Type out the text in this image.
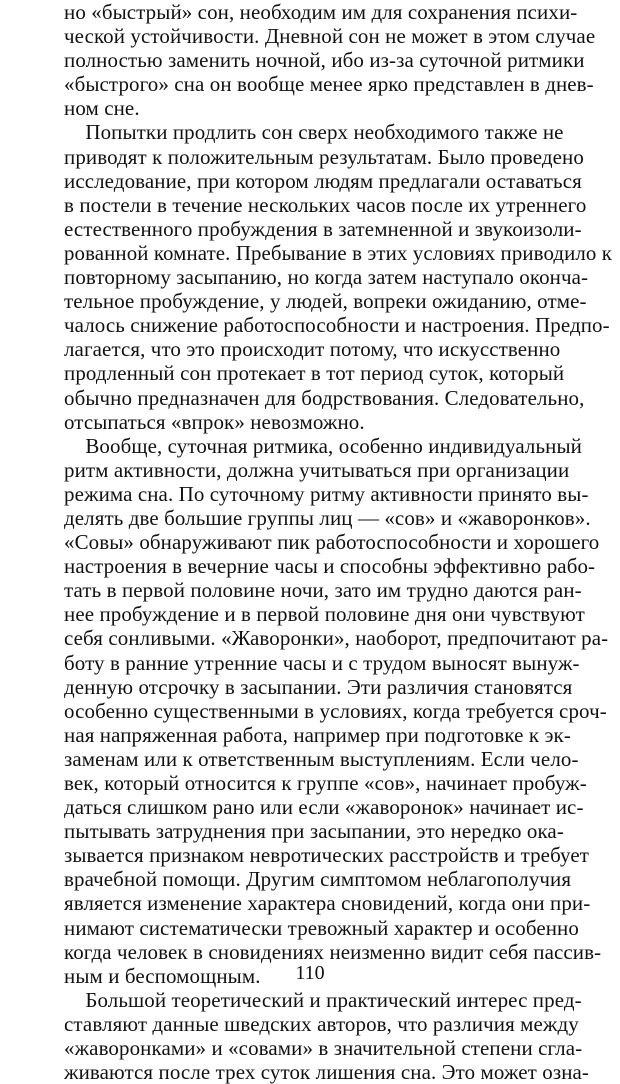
но «быстрый» сон, необходим им для сохранения психи-
ческой устойчивости. Дневной сон не может в этом случае
полностью заменить ночной, ибо из-за суточной ритмики
«быстрого» сна он вообще менее ярко представлен в днев-
ном сне.
Попытки продлить сон сверх необходимого также не
приводят к положительным результатам. Было проведено
исследование, при котором людям предлагали оставаться
в постели в течение нескольких часов после их утреннего
естественного пробуждения в затемненной и звукоизоли-
рованной комнате. Пребывание в этих условиях приводило к
повторному засыпанию, но когда затем наступало оконча-
тельное пробуждение, у людей, вопреки ожиданию, отме-
чалось снижение работоспособности и настроения. Предпо-
лагается, что это происходит потому, что искусственно
продленный сон протекает в тот период суток, который
обычно предназначен для бодрствования. Следовательно,
отсыпаться «впрок» невозможно.
Вообще, суточная ритмика, особенно индивидуальный
ритм активности, должна учитываться при организации
режима сна. По суточному ритму активности принято вы-
делять две большие группы лиц — «сов» и «жаворонков».
«Совы» обнаруживают пик работоспособности и хорошего
настроения в вечерние часы и способны эффективно рабо-
тать в первой половине ночи, зато им трудно даются ран-
нее пробуждение и в первой половине дня они чувствуют
себя сонливыми. «Жаворонки», наоборот, предпочитают ра-
боту в ранние утренние часы и с трудом выносят вынуж-
денную отсрочку в засыпании. Эти различия становятся
особенно существенными в условиях, когда требуется сроч-
ная напряженная работа, например при подготовке к эк-
заменам или к ответственным выступлениям. Если чело-
век, который относится к группе «сов», начинает пробуж-
даться слишком рано или если «жаворонок» начинает ис-
пытывать затруднения при засыпании, это нередко ока-
зывается признаком невротических расстройств и требует
врачебной помощи. Другим симптомом неблагополучия
является изменение характера сновидений, когда они при-
нимают систематически тревожный характер и особенно
когда человек в сновидениях неизменно видит себя пассив-
ным и беспомощным.
Большой теоретический и практический интерес пред-
ставляют данные шведских авторов, что различия между
«жаворонками» и «совами» в значительной степени сгла-
живаются после трех суток лишения сна. Это может озна-
110
